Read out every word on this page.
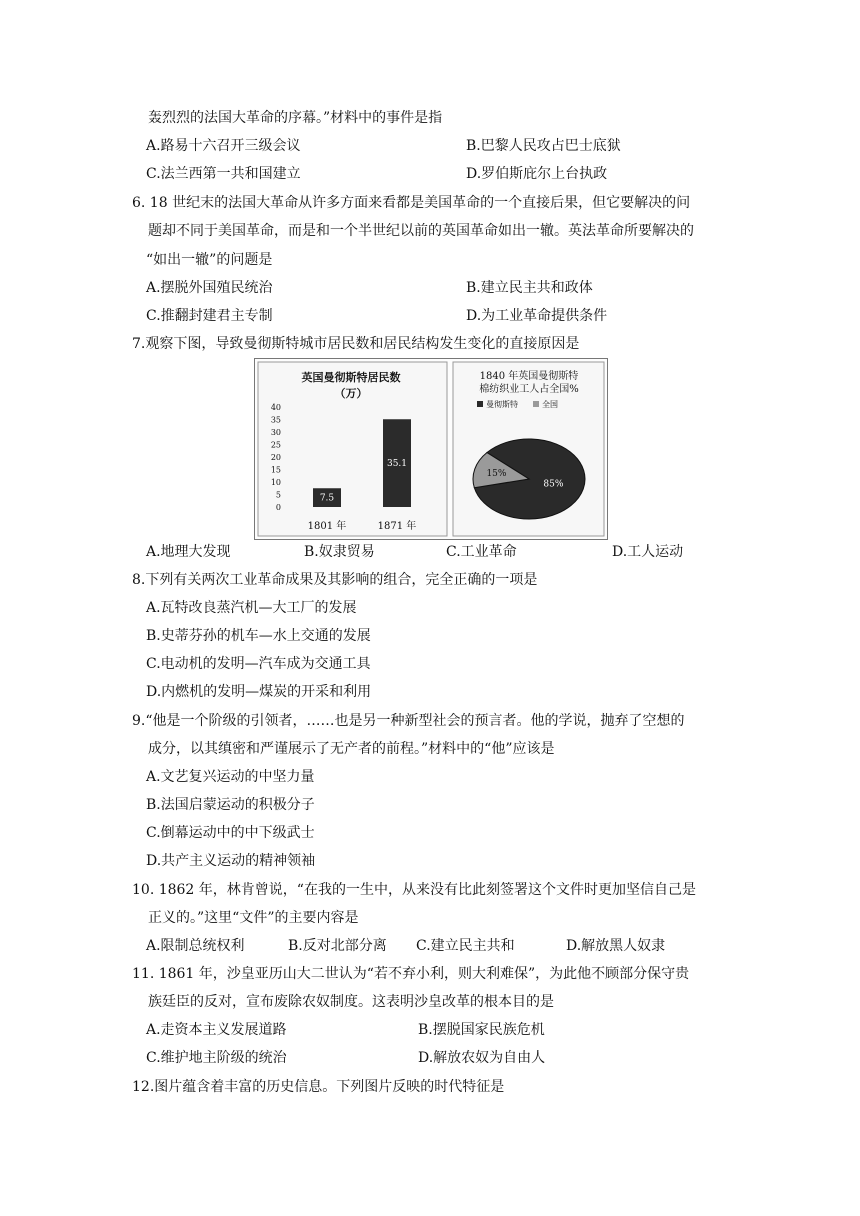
轰烈烈的法国大革命的序幕。”材料中的事件是指
A.路易十六召开三级会议	B.巴黎人民攻占巴士底狱
C.法兰西第一共和国建立	D.罗伯斯庇尔上台执政
6. 18 世纪末的法国大革命从许多方面来看都是美国革命的一个直接后果，但它要解决的问
题却不同于美国革命，而是和一个半世纪以前的英国革命如出一辙。英法革命所要解决的
“如出一辙”的问题是
A.摆脱外国殖民统治	B.建立民主共和政体
C.推翻封建君主专制	D.为工业革命提供条件
7.观察下图，导致曼彻斯特城市居民数和居民结构发生变化的直接原因是
英国曼彻斯特居民数
（万）
40
35
30
25
20
15
10
5
0
7.5
35.1
1801 年	1871 年
1840 年英国曼彻斯特
棉纺织业工人占全国%
曼彻斯特	全国
85%
15%
A.地理大发现	B.奴隶贸易	C.工业革命	D.工人运动
8.下列有关两次工业革命成果及其影响的组合，完全正确的一项是
A.瓦特改良蒸汽机—大工厂的发展
B.史蒂芬孙的机车—水上交通的发展
C.电动机的发明—汽车成为交通工具
D.内燃机的发明—煤炭的开采和利用
9.“他是一个阶级的引领者，……也是另一种新型社会的预言者。他的学说，抛弃了空想的
成分，以其缜密和严谨展示了无产者的前程。”材料中的“他”应该是
A.文艺复兴运动的中坚力量
B.法国启蒙运动的积极分子
C.倒幕运动中的中下级武士
D.共产主义运动的精神领袖
10. 1862 年，林肯曾说，“在我的一生中，从来没有比此刻签署这个文件时更加坚信自己是
正义的。”这里“文件”的主要内容是
A.限制总统权利	B.反对北部分离 C.建立民主共和	D.解放黑人奴隶
11. 1861 年，沙皇亚历山大二世认为“若不弃小利，则大利难保”，为此他不顾部分保守贵
族廷臣的反对，宣布废除农奴制度。这表明沙皇改革的根本目的是
A.走资本主义发展道路	B.摆脱国家民族危机
C.维护地主阶级的统治	D.解放农奴为自由人
12.图片蕴含着丰富的历史信息。下列图片反映的时代特征是
